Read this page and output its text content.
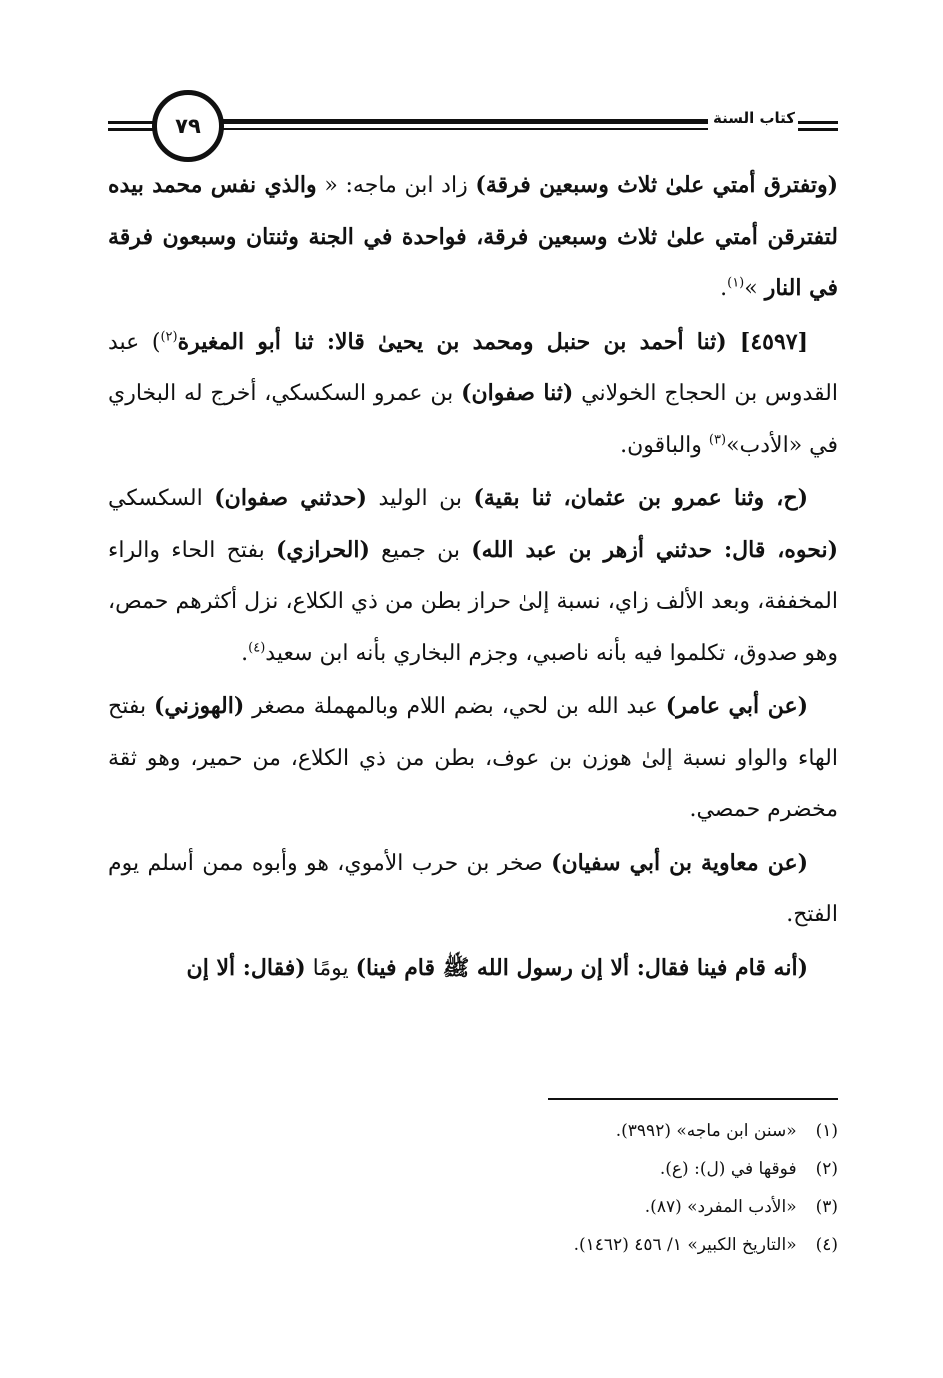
٧٩	كتاب السنة

(وتفترق أمتي علىٰ ثلاث وسبعين فرقة) زاد ابن ماجه: « والذي نفس محمد بيده لتفترقن أمتي علىٰ ثلاث وسبعين فرقة، فواحدة في الجنة وثنتان وسبعون فرقة في النار »$^{(١)}$.

[٤٥٩٧] (ثنا أحمد بن حنبل ومحمد بن يحيىٰ قالا: ثنا أبو المغيرة$^{(٢)}$) عبد القدوس بن الحجاج الخولاني (ثنا صفوان) بن عمرو السكسكي، أخرج له البخاري في «الأدب»$^{(٣)}$ والباقون.

(ح، وثنا عمرو بن عثمان، ثنا بقية) بن الوليد (حدثني صفوان) السكسكي (نحوه، قال: حدثني أزهر بن عبد الله) بن جميع (الحرازي) بفتح الحاء والراء المخففة، وبعد الألف زاي، نسبة إلىٰ حراز بطن من ذي الكلاع، نزل أكثرهم حمص، وهو صدوق، تكلموا فيه بأنه ناصبي، وجزم البخاري بأنه ابن سعيد$^{(٤)}$.

(عن أبي عامر) عبد الله بن لحي، بضم اللام وبالمهملة مصغر (الهوزني) بفتح الهاء والواو نسبة إلىٰ هوزن بن عوف، بطن من ذي الكلاع، من حمير، وهو ثقة مخضرم حمصي.

(عن معاوية بن أبي سفيان) صخر بن حرب الأموي، هو وأبوه ممن أسلم يوم الفتح.

(أنه قام فينا فقال: ألا إن رسول الله ﷺ قام فينا) يومًا (فقال: ألا إن

(١) «سنن ابن ماجه» (٣٩٩٢).
(٢) فوقها في (ل): (ع).
(٣) «الأدب المفرد» (٨٧).
(٤) «التاريخ الكبير» ١/ ٤٥٦ (١٤٦٢).
